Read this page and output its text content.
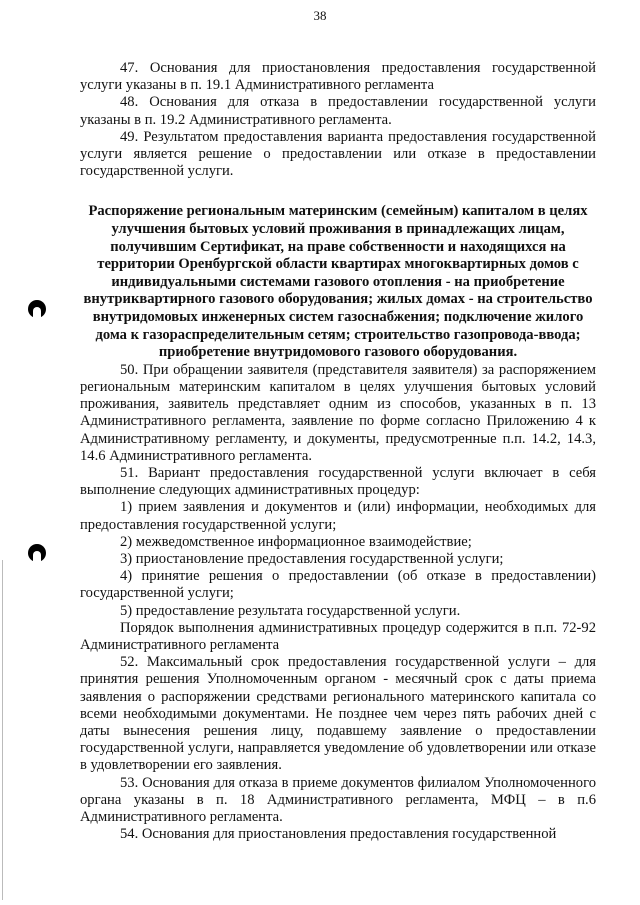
38

47. Основания для приостановления предоставления государственной услуги указаны в п. 19.1 Административного регламента

48. Основания для отказа в предоставлении государственной услуги указаны в п. 19.2 Административного регламента.

49. Результатом предоставления варианта предоставления государственной услуги является решение о предоставлении или отказе в предоставлении государственной услуги.

Распоряжение региональным материнским (семейным) капиталом в целях улучшения бытовых условий проживания в принадлежащих лицам, получившим Сертификат, на праве собственности и находящихся на территории Оренбургской области квартирах многоквартирных домов с индивидуальными системами газового отопления - на приобретение внутриквартирного газового оборудования; жилых домах - на строительство внутридомовых инженерных систем газоснабжения; подключение жилого дома к газораспределительным сетям; строительство газопровода-ввода; приобретение внутридомового газового оборудования.

50. При обращении заявителя (представителя заявителя) за распоряжением региональным материнским капиталом в целях улучшения бытовых условий проживания, заявитель представляет одним из способов, указанных в п. 13 Административного регламента, заявление по форме согласно Приложению 4 к Административному регламенту, и документы, предусмотренные п.п. 14.2, 14.3, 14.6 Административного регламента.

51. Вариант предоставления государственной услуги включает в себя выполнение следующих административных процедур:

1) прием заявления и документов и (или) информации, необходимых для предоставления государственной услуги;

2) межведомственное информационное взаимодействие;

3) приостановление предоставления государственной услуги;

4) принятие решения о предоставлении (об отказе в предоставлении) государственной услуги;

5) предоставление результата государственной услуги.

Порядок выполнения административных процедур содержится в п.п. 72-92 Административного регламента

52. Максимальный срок предоставления государственной услуги – для принятия решения Уполномоченным органом - месячный срок с даты приема заявления о распоряжении средствами регионального материнского капитала со всеми необходимыми документами. Не позднее чем через пять рабочих дней с даты вынесения решения лицу, подавшему заявление о предоставлении государственной услуги, направляется уведомление об удовлетворении или отказе в удовлетворении его заявления.

53. Основания для отказа в приеме документов филиалом Уполномоченного органа указаны в п. 18 Административного регламента, МФЦ – в п.6 Административного регламента.

54. Основания для приостановления предоставления государственной
